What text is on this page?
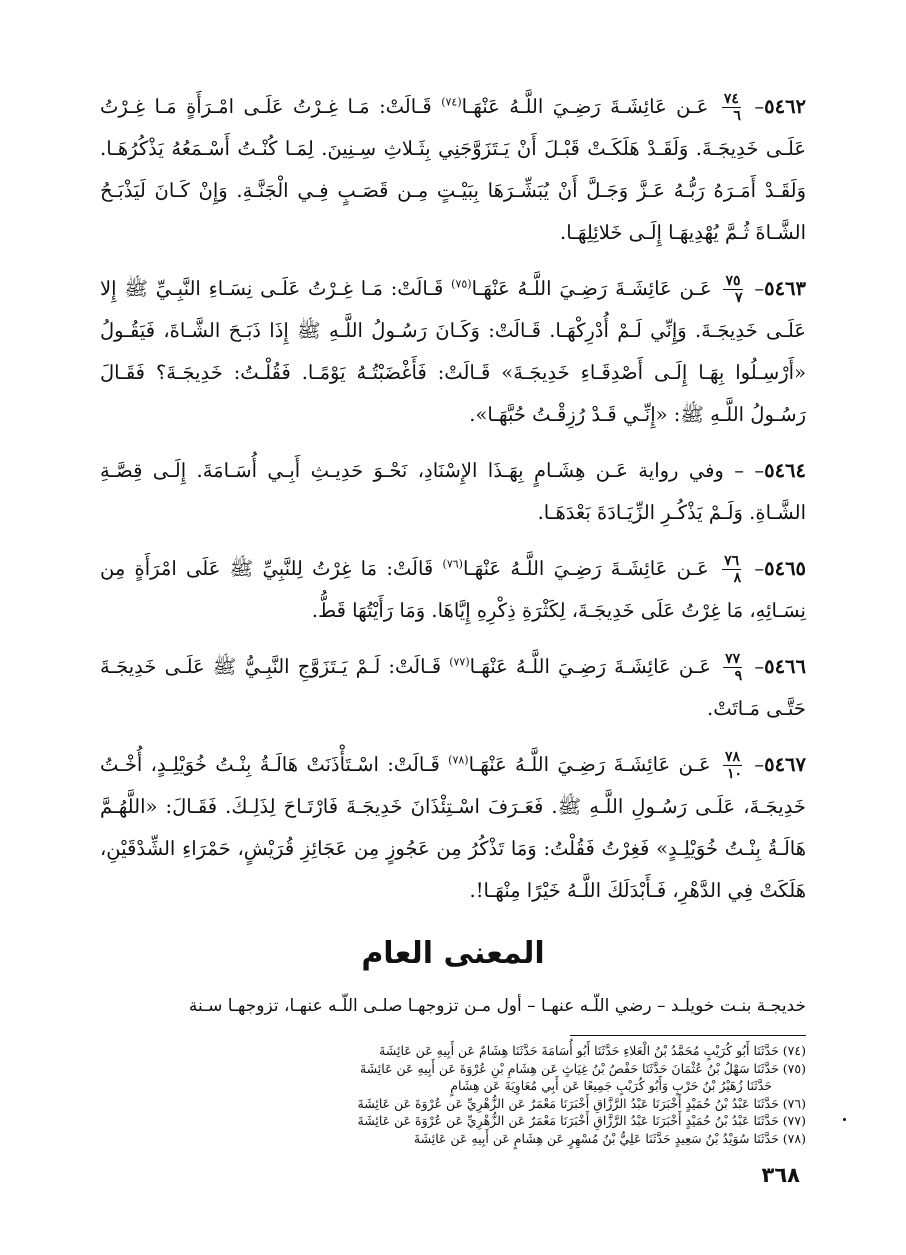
٥٤٦٢–
$\frac{٧٤}{٦}$
عَـن عَائِشَـةَ رَضِـيَ اللَّـهُ عَنْهَـا$^{(٧٤)}$ قَـالَتْ: مَـا غِـرْتُ عَلَـى امْـرَأَةٍ مَـا غِـرْتُ عَلَـى خَدِيجَـةَ. وَلَقَـدْ هَلَكَـتْ قَبْـلَ أَنْ يَـتَزَوَّجَنِي بِثَـلاثِ سِـنِينَ. لِمَـا كُنْـتُ أَسْـمَعُهُ يَذْكُرُهَـا. وَلَقَـدْ أَمَـرَهُ رَبُّـهُ عَـزَّ وَجَـلَّ أَنْ يُبَشِّـرَهَا بِبَيْـتٍ مِـن قَصَـبٍ فِـي الْجَنَّـةِ. وَإِنْ كَـانَ لَيَذْبَـحُ الشَّـاةَ ثُـمَّ يُهْدِيهَـا إِلَـى خَلائِلِهَـا.

٥٤٦٣–
$\frac{٧٥}{٧}$
عَـن عَائِشَـةَ رَضِـيَ اللَّـهُ عَنْهَـا$^{(٧٥)}$ قَـالَتْ: مَـا غِـرْتُ عَلَـى نِسَـاءِ النَّبِـيِّ ﷺ إِلا عَلَـى خَدِيجَـةَ. وَإِنِّي لَـمْ أُدْرِكْهَـا. قَـالَتْ: وَكَـانَ رَسُـولُ اللَّـهِ ﷺ إِذَا ذَبَـحَ الشَّـاةَ، فَيَقُـولُ «أَرْسِـلُوا بِهَـا إِلَـى أَصْدِقَـاءِ خَدِيجَـةَ» قَـالَتْ: فَأَغْضَبْتُـهُ يَوْمًـا. فَقُلْـتُ: خَدِيجَـةَ؟ فَقَـالَ رَسُـولُ اللَّـهِ ﷺ: «إِنِّـي قَـدْ رُزِقْـتُ حُبَّهَـا».

٥٤٦٤– – وفي رواية عَـن هِشَـامٍ بِهَـذَا الإِسْنَادِ، نَحْـوَ حَدِيـثِ أَبِـي أُسَـامَةَ. إِلَـى قِصَّـةِ الشَّـاةِ. وَلَـمْ يَذْكُـرِ الزِّيَـادَةَ بَعْدَهَـا.

٥٤٦٥–
$\frac{٧٦}{٨}$
عَـن عَائِشَـةَ رَضِـيَ اللَّـهُ عَنْهَـا$^{(٧٦)}$ قَالَتْ: مَا غِرْتُ لِلنَّبِيِّ ﷺ عَلَى امْرَأَةٍ مِن نِسَـائِهِ، مَا غِرْتُ عَلَى خَدِيجَـةَ، لِكَثْرَةِ ذِكْرِهِ إِيَّاهَا. وَمَا رَأَيْتُهَا قَطُّ.

٥٤٦٦–
$\frac{٧٧}{٩}$
عَـن عَائِشَـةَ رَضِـيَ اللَّـهُ عَنْهَـا$^{(٧٧)}$ قَـالَتْ: لَـمْ يَـتَزَوَّجِ النَّبِـيُّ ﷺ عَلَـى خَدِيجَـةَ حَتَّـى مَـاتَتْ.

٥٤٦٧–
$\frac{٧٨}{١٠}$
عَـن عَائِشَـةَ رَضِـيَ اللَّـهُ عَنْهَـا$^{(٧٨)}$ قَـالَتْ: اسْـتَأْذَنَتْ هَالَـةُ بِنْـتُ خُوَيْلِـدٍ، أُخْـتُ خَدِيجَـةَ، عَلَـى رَسُـولِ اللَّـهِ ﷺ. فَعَـرَفَ اسْـتِئْذَانَ خَدِيجَـةَ فَارْتَـاحَ لِذَلِـكَ. فَقَـالَ: «اللَّهُـمَّ هَالَـةُ بِنْـتُ خُوَيْلِـدٍ» فَغِرْتُ فَقُلْتُ: وَمَا تَذْكُرُ مِن عَجُوزٍ مِن عَجَائِزِ قُرَيْشٍ، حَمْرَاءِ الشِّدْقَيْنِ، هَلَكَتْ فِي الدَّهْرِ، فَـأَبْدَلَكَ اللَّـهُ خَيْرًا مِنْهَـا!.

المعنى العام

خديجـة بنـت خويلـد – رضي اللّـه عنهـا – أول مـن تزوجهـا صلـى اللّـه عنهـا، تزوجهـا سـنة

(٧٤) حَدَّثَنَا أَبُو كُرَيْبٍ مُحَمَّدُ بْنُ الْعَلاءِ حَدَّثَنَا أَبُو أُسَامَةَ حَدَّثَنَا هِشَامٌ عَن أَبِيهِ عَن عَائِشَةَ
(٧٥) حَدَّثَنَا سَهْلُ بْنُ عُثْمَانَ حَدَّثَنَا حَفْصُ بْنُ غِيَاثٍ عَن هِشَامِ بْنِ عُرْوَةَ عَن أَبِيهِ عَن عَائِشَةَ
حَدَّثَنَا زُهَيْرُ بْنُ حَرْبٍ وَأَبُو كُرَيْبٍ جَمِيعًا عَن أَبِي مُعَاوِيَةَ عَن هِشَامٍ
(٧٦) حَدَّثَنَا عَبْدُ بْنُ حُمَيْدٍ أَخْبَرَنَا عَبْدُ الرَّزَّاقِ أَخْبَرَنَا مَعْمَرٌ عَن الزُّهْرِيِّ عَن عُرْوَةَ عَن عَائِشَةَ
(٧٧) حَدَّثَنَا عَبْدُ بْنُ حُمَيْدٍ أَخْبَرَنَا عَبْدُ الرَّزَّاقِ أَخْبَرَنَا مَعْمَرٌ عَن الزُّهْرِيِّ عَن عُرْوَةَ عَن عَائِشَةَ
(٧٨) حَدَّثَنَا سُوَيْدُ بْنُ سَعِيدٍ حَدَّثَنَا عَلِيُّ بْنُ مُسْهِرٍ عَن هِشَامٍ عَن أَبِيهِ عَن عَائِشَةَ
٣٦٨
